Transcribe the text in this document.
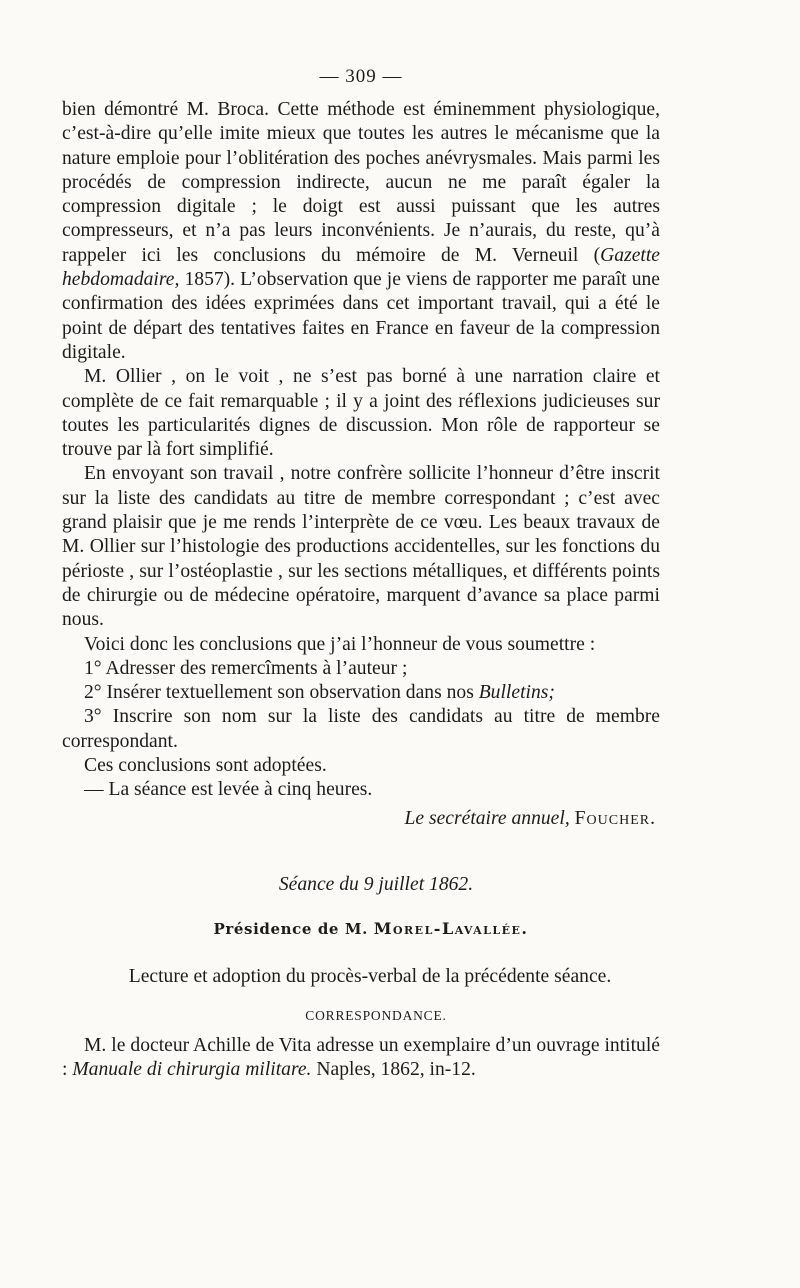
— 309 —

bien démontré M. Broca. Cette méthode est éminemment physiologique, c’est-à-dire qu’elle imite mieux que toutes les autres le mécanisme que la nature emploie pour l’oblitération des poches anévrysmales. Mais parmi les procédés de compression indirecte, aucun ne me paraît égaler la compression digitale ; le doigt est aussi puissant que les autres compresseurs, et n’a pas leurs inconvénients. Je n’aurais, du reste, qu’à rappeler ici les conclusions du mémoire de M. Verneuil (Gazette hebdomadaire, 1857). L’observation que je viens de rapporter me paraît une confirmation des idées exprimées dans cet important travail, qui a été le point de départ des tentatives faites en France en faveur de la compression digitale.

M. Ollier , on le voit , ne s’est pas borné à une narration claire et complète de ce fait remarquable ; il y a joint des réflexions judicieuses sur toutes les particularités dignes de discussion. Mon rôle de rapporteur se trouve par là fort simplifié.

En envoyant son travail , notre confrère sollicite l’honneur d’être inscrit sur la liste des candidats au titre de membre correspondant ; c’est avec grand plaisir que je me rends l’interprète de ce vœu. Les beaux travaux de M. Ollier sur l’histologie des productions accidentelles, sur les fonctions du périoste , sur l’ostéoplastie , sur les sections métalliques, et différents points de chirurgie ou de médecine opératoire, marquent d’avance sa place parmi nous.

Voici donc les conclusions que j’ai l’honneur de vous soumettre :

1° Adresser des remercîments à l’auteur ;

2° Insérer textuellement son observation dans nos Bulletins;

3° Inscrire son nom sur la liste des candidats au titre de membre correspondant.

Ces conclusions sont adoptées.

— La séance est levée à cinq heures.

Le secrétaire annuel, Foucher.
Séance du 9 juillet 1862.
Présidence de M. Morel-Lavallée.
Lecture et adoption du procès-verbal de la précédente séance.
CORRESPONDANCE.

M. le docteur Achille de Vita adresse un exemplaire d’un ouvrage intitulé : Manuale di chirurgia militare. Naples, 1862, in-12.
